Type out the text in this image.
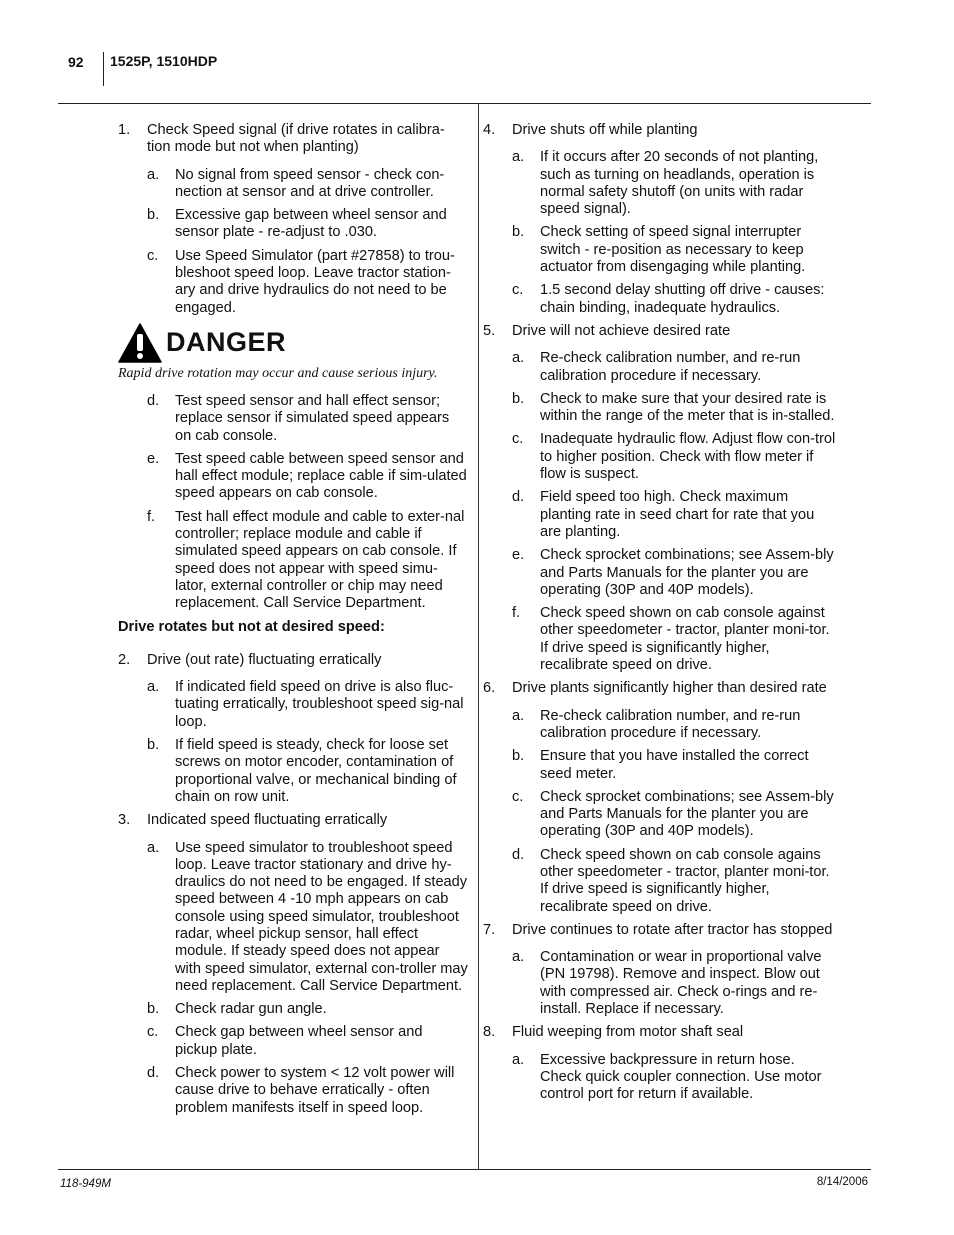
92 1525P, 1510HDP
1.	Check Speed signal (if drive rotates in calibra-tion mode but not when planting)
a.	No signal from speed sensor - check con-nection at sensor and at drive controller.
b.	Excessive gap between wheel sensor and sensor plate - re-adjust to .030.
c.	Use Speed Simulator (part #27858) to trou-bleshoot speed loop. Leave tractor station-ary and drive hydraulics do not need to be engaged.
DANGER
Rapid drive rotation may occur and cause serious injury.
d.	Test speed sensor and hall effect sensor; replace sensor if simulated speed appears on cab console.
e.	Test speed cable between speed sensor and hall effect module; replace cable if sim-ulated speed appears on cab console.
f.	Test hall effect module and cable to exter-nal controller; replace module and cable if simulated speed appears on cab console. If speed does not appear with speed simu-lator, external controller or chip may need replacement. Call Service Department.
Drive rotates but not at desired speed:
2.	Drive (out rate) fluctuating erratically
a.	If indicated field speed on drive is also fluc-tuating erratically, troubleshoot speed sig-nal loop.
b.	If field speed is steady, check for loose set screws on motor encoder, contamination of proportional valve, or mechanical binding of chain on row unit.
3.	Indicated speed fluctuating erratically
a.	Use speed simulator to troubleshoot speed loop. Leave tractor stationary and drive hy-draulics do not need to be engaged. If steady speed between 4 -10 mph appears on cab console using speed simulator, troubleshoot radar, wheel pickup sensor, hall effect module. If steady speed does not appear with speed simulator, external con-troller may need replacement. Call Service Department.
b.	Check radar gun angle.
c.	Check gap between wheel sensor and pickup plate.
d.	Check power to system < 12 volt power will cause drive to behave erratically - often problem manifests itself in speed loop.
4.	Drive shuts off while planting
a.	If it occurs after 20 seconds of not planting, such as turning on headlands, operation is normal safety shutoff (on units with radar speed signal).
b.	Check setting of speed signal interrupter switch - re-position as necessary to keep actuator from disengaging while planting.
c.	1.5 second delay shutting off drive - causes: chain binding, inadequate hydraulics.
5.	Drive will not achieve desired rate
a.	Re-check calibration number, and re-run calibration procedure if necessary.
b.	Check to make sure that your desired rate is within the range of the meter that is in-stalled.
c.	Inadequate hydraulic flow. Adjust flow con-trol to higher position. Check with flow meter if flow is suspect.
d.	Field speed too high. Check maximum planting rate in seed chart for rate that you are planting.
e.	Check sprocket combinations; see Assem-bly and Parts Manuals for the planter you are operating (30P and 40P models).
f.	Check speed shown on cab console against other speedometer - tractor, planter moni-tor. If drive speed is significantly higher, recalibrate speed on drive.
6.	Drive plants significantly higher than desired rate
a.	Re-check calibration number, and re-run calibration procedure if necessary.
b.	Ensure that you have installed the correct seed meter.
c.	Check sprocket combinations; see Assem-bly and Parts Manuals for the planter you are operating (30P and 40P models).
d.	Check speed shown on cab console agains other speedometer - tractor, planter moni-tor. If drive speed is significantly higher, recalibrate speed on drive.
7.	Drive continues to rotate after tractor has stopped
a.	Contamination or wear in proportional valve (PN 19798). Remove and inspect. Blow out with compressed air. Check o-rings and re-install. Replace if necessary.
8.	Fluid weeping from motor shaft seal
a.	Excessive backpressure in return hose. Check quick coupler connection. Use motor control port for return if available.
118-949M	8/14/2006
